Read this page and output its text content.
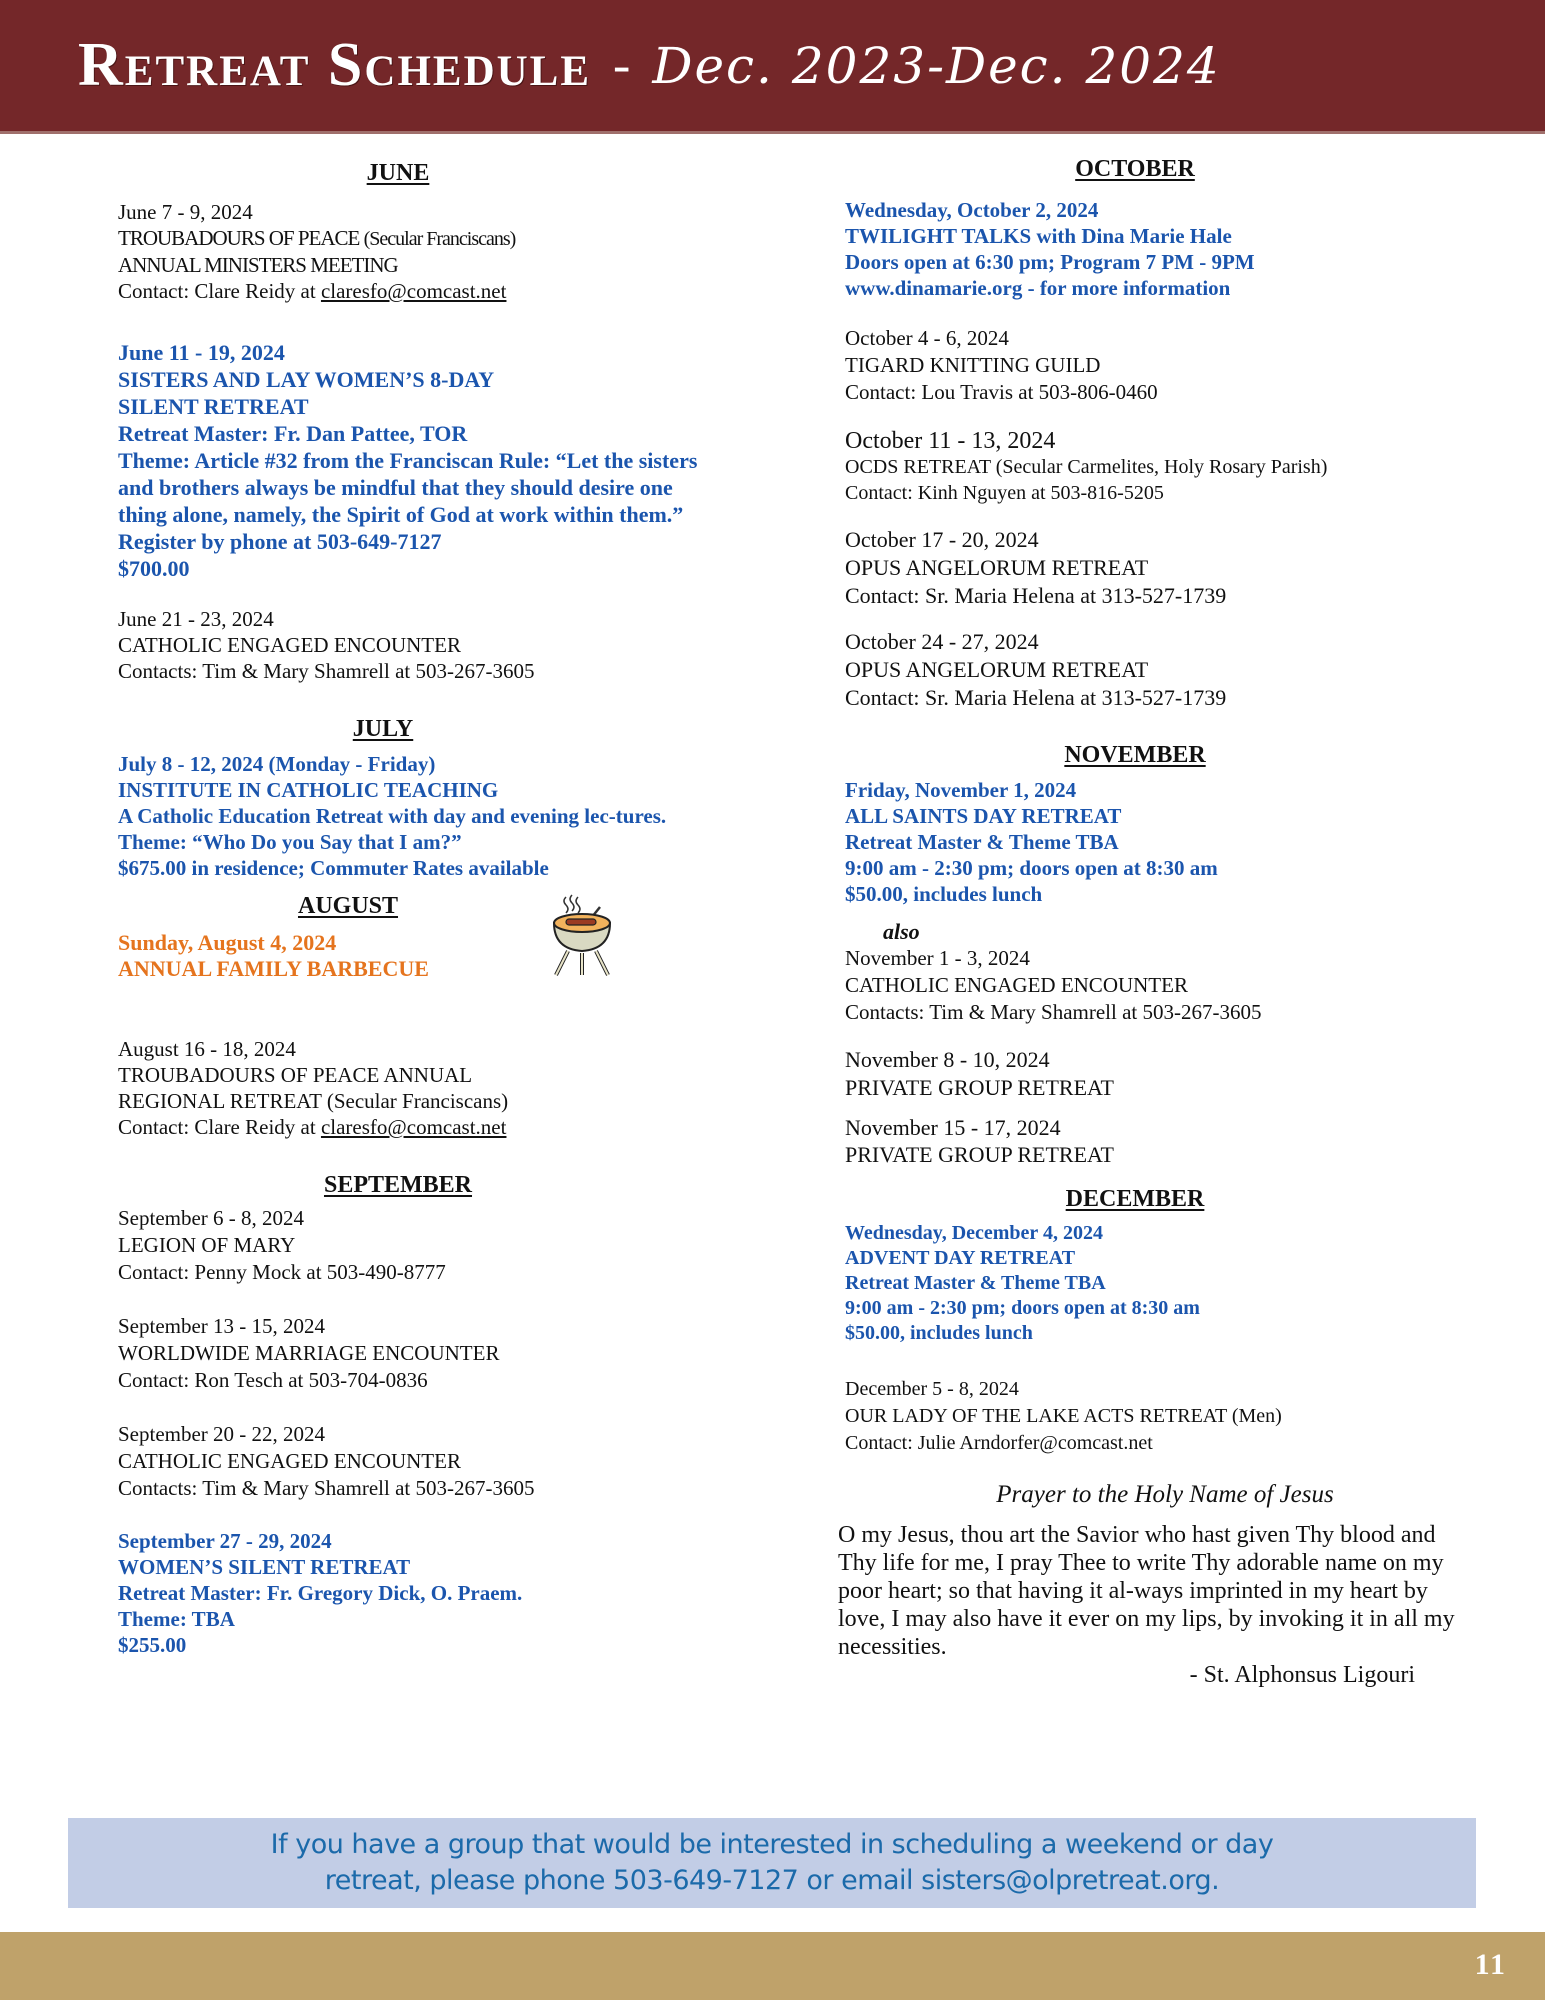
Retreat Schedule - Dec. 2023-Dec. 2024
JUNE
June 7 - 9, 2024
TROUBADOURS OF PEACE (Secular Franciscans)
ANNUAL MINISTERS MEETING
Contact: Clare Reidy at claresfo@comcast.net
June 11 - 19, 2024
SISTERS AND LAY WOMEN’S 8-DAY
SILENT RETREAT
Retreat Master: Fr. Dan Pattee, TOR
Theme: Article #32 from the Franciscan Rule: “Let the sisters and brothers always be mindful that they should desire one thing alone, namely, the Spirit of God at work within them.”
Register by phone at 503-649-7127
$700.00
June 21 - 23, 2024
CATHOLIC ENGAGED ENCOUNTER
Contacts: Tim & Mary Shamrell at 503-267-3605
JULY
July 8 - 12, 2024 (Monday - Friday)
INSTITUTE IN CATHOLIC TEACHING
A Catholic Education Retreat with day and evening lec-tures.
Theme: “Who Do you Say that I am?”
$675.00 in residence; Commuter Rates available
AUGUST
Sunday, August 4, 2024
ANNUAL FAMILY BARBECUE
August 16 - 18, 2024
TROUBADOURS OF PEACE ANNUAL
REGIONAL RETREAT (Secular Franciscans)
Contact: Clare Reidy at claresfo@comcast.net
SEPTEMBER
September 6 - 8, 2024
LEGION OF MARY
Contact: Penny Mock at 503-490-8777
September 13 - 15, 2024
WORLDWIDE MARRIAGE ENCOUNTER
Contact: Ron Tesch at 503-704-0836
September 20 - 22, 2024
CATHOLIC ENGAGED ENCOUNTER
Contacts: Tim & Mary Shamrell at 503-267-3605
September 27 - 29, 2024
WOMEN’S SILENT RETREAT
Retreat Master: Fr. Gregory Dick, O. Praem.
Theme: TBA
$255.00
OCTOBER
Wednesday, October 2, 2024
TWILIGHT TALKS with Dina Marie Hale
Doors open at 6:30 pm; Program 7 PM - 9PM
www.dinamarie.org - for more information
October 4 - 6, 2024
TIGARD KNITTING GUILD
Contact: Lou Travis at 503-806-0460
October 11 - 13, 2024
OCDS RETREAT (Secular Carmelites, Holy Rosary Parish)
Contact: Kinh Nguyen at 503-816-5205
October 17 - 20, 2024
OPUS ANGELORUM RETREAT
Contact: Sr. Maria Helena at 313-527-1739
October 24 - 27, 2024
OPUS ANGELORUM RETREAT
Contact: Sr. Maria Helena at 313-527-1739
NOVEMBER
Friday, November 1, 2024
ALL SAINTS DAY RETREAT
Retreat Master & Theme TBA
9:00 am - 2:30 pm; doors open at 8:30 am
$50.00, includes lunch
also
November 1 - 3, 2024
CATHOLIC ENGAGED ENCOUNTER
Contacts: Tim & Mary Shamrell at 503-267-3605
November 8 - 10, 2024
PRIVATE GROUP RETREAT
November 15 - 17, 2024
PRIVATE GROUP RETREAT
DECEMBER
Wednesday, December 4, 2024
ADVENT DAY RETREAT
Retreat Master & Theme TBA
9:00 am - 2:30 pm; doors open at 8:30 am
$50.00, includes lunch
December 5 - 8, 2024
OUR LADY OF THE LAKE ACTS RETREAT (Men)
Contact: Julie Arndorfer@comcast.net
Prayer to the Holy Name of Jesus
O my Jesus, thou art the Savior who hast given Thy blood and Thy life for me, I pray Thee to write Thy adorable name on my poor heart; so that having it al-ways imprinted in my heart by love, I may also have it ever on my lips, by invoking it in all my necessities.
- St. Alphonsus Ligouri
If you have a group that would be interested in scheduling a weekend or day
retreat, please phone 503-649-7127 or email sisters@olpretreat.org.
11
